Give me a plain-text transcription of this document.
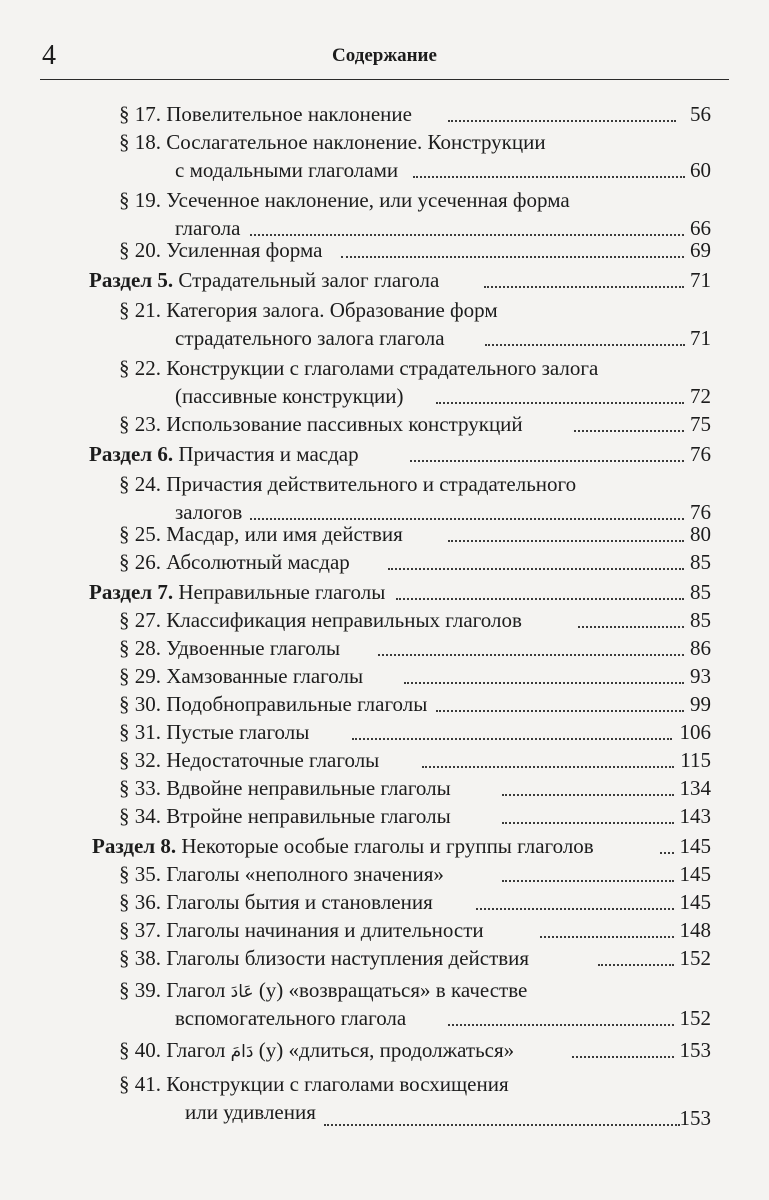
4	Содержание
§ 17. Повелительное наклонение	56
§ 18. Сослагательное наклонение. Конструкции
с модальными глаголами	60
§ 19. Усеченное наклонение, или усеченная форма
глагола	66
§ 20. Усиленная форма	69
Раздел 5. Страдательный залог глагола	71
§ 21. Категория залога. Образование форм
страдательного залога глагола	71
§ 22. Конструкции с глаголами страдательного залога
(пассивные конструкции)	72
§ 23. Использование пассивных конструкций	75
Раздел 6. Причастия и масдар	76
§ 24. Причастия действительного и страдательного
залогов	76
§ 25. Масдар, или имя действия	80
§ 26. Абсолютный масдар	85
Раздел 7. Неправильные глаголы	85
§ 27. Классификация неправильных глаголов	85
§ 28. Удвоенные глаголы	86
§ 29. Хамзованные глаголы	93
§ 30. Подобноправильные глаголы	99
§ 31. Пустые глаголы	106
§ 32. Недостаточные глаголы	115
§ 33. Вдвойне неправильные глаголы	134
§ 34. Втройне неправильные глаголы	143
Раздел 8. Некоторые особые глаголы и группы глаголов	145
§ 35. Глаголы «неполного значения»	145
§ 36. Глаголы бытия и становления	145
§ 37. Глаголы начинания и длительности	148
§ 38. Глаголы близости наступления действия	152
§ 39. Глагол عَادَ (у) «возвращаться» в качестве
вспомогательного глагола	152
§ 40. Глагол دَامَ (у) «длиться, продолжаться»	153
§ 41. Конструкции с глаголами восхищения
или удивления	153
